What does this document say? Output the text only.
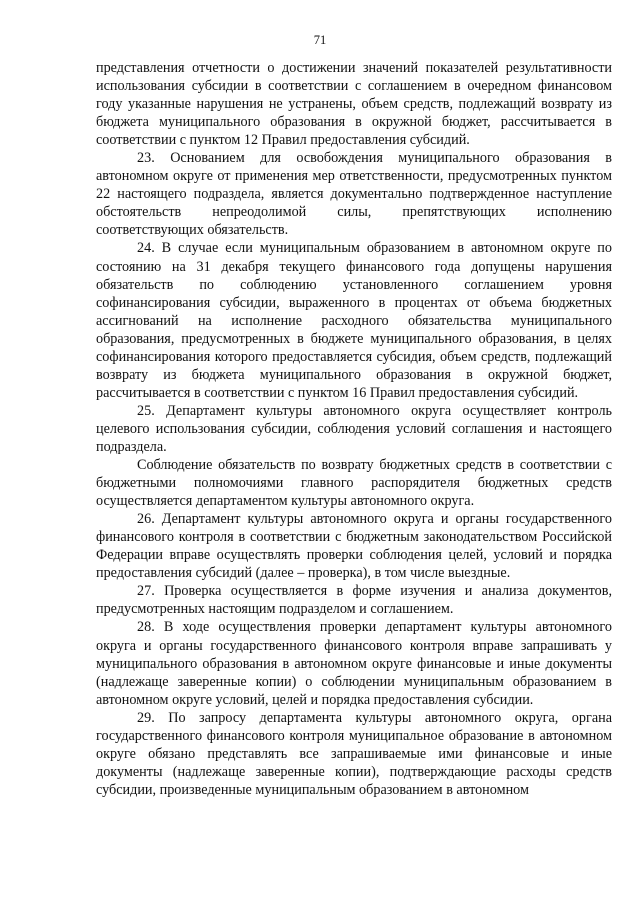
71

представления отчетности о достижении значений показателей результативности использования субсидии в соответствии с соглашением в очередном финансовом году указанные нарушения не устранены, объем средств, подлежащий возврату из бюджета муниципального образования в окружной бюджет, рассчитывается в соответствии с пунктом 12 Правил предоставления субсидий.

23. Основанием для освобождения муниципального образования в автономном округе от применения мер ответственности, предусмотренных пунктом 22 настоящего подраздела, является документально подтвержденное наступление обстоятельств непреодолимой силы, препятствующих исполнению соответствующих обязательств.

24. В случае если муниципальным образованием в автономном округе по состоянию на 31 декабря текущего финансового года допущены нарушения обязательств по соблюдению установленного соглашением уровня софинансирования субсидии, выраженного в процентах от объема бюджетных ассигнований на исполнение расходного обязательства муниципального образования, предусмотренных в бюджете муниципального образования, в целях софинансирования которого предоставляется субсидия, объем средств, подлежащий возврату из бюджета муниципального образования в окружной бюджет, рассчитывается в соответствии с пунктом 16 Правил предоставления субсидий.

25. Департамент культуры автономного округа осуществляет контроль целевого использования субсидии, соблюдения условий соглашения и настоящего подраздела.

Соблюдение обязательств по возврату бюджетных средств в соответствии с бюджетными полномочиями главного распорядителя бюджетных средств осуществляется департаментом культуры автономного округа.

26. Департамент культуры автономного округа и органы государственного финансового контроля в соответствии с бюджетным законодательством Российской Федерации вправе осуществлять проверки соблюдения целей, условий и порядка предоставления субсидий (далее – проверка), в том числе выездные.

27. Проверка осуществляется в форме изучения и анализа документов, предусмотренных настоящим подразделом и соглашением.

28. В ходе осуществления проверки департамент культуры автономного округа и органы государственного финансового контроля вправе запрашивать у муниципального образования в автономном округе финансовые и иные документы (надлежаще заверенные копии) о соблюдении муниципальным образованием в автономном округе условий, целей и порядка предоставления субсидии.

29. По запросу департамента культуры автономного округа, органа государственного финансового контроля муниципальное образование в автономном округе обязано представлять все запрашиваемые ими финансовые и иные документы (надлежаще заверенные копии), подтверждающие расходы средств субсидии, произведенные муниципальным образованием в автономном
